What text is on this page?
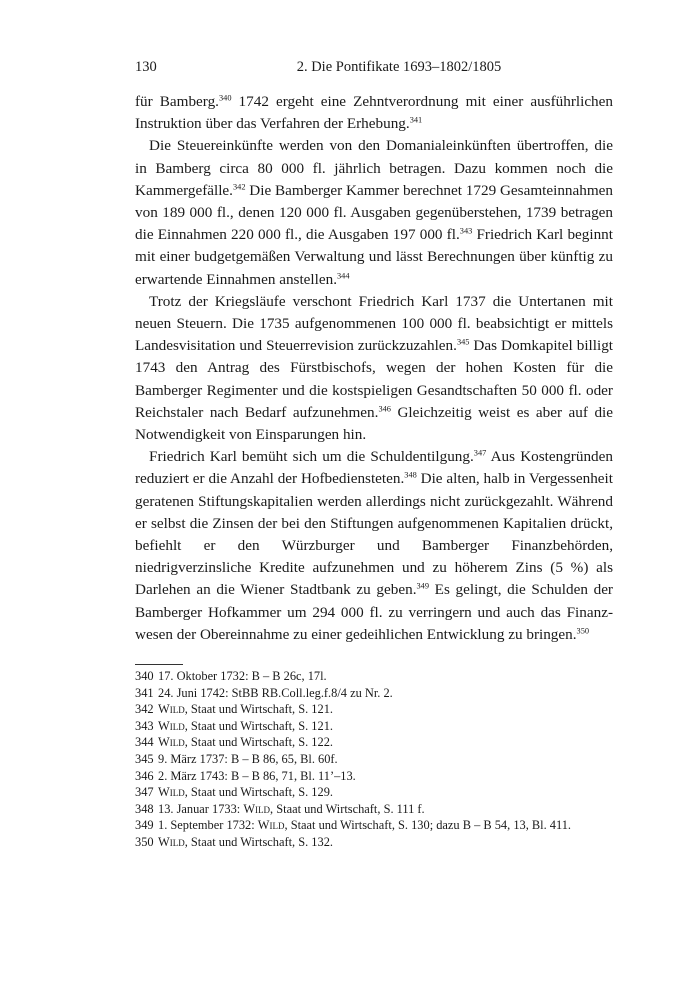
130	2. Die Pontifikate 1693–1802/1805

für Bamberg.$^{340}$ 1742 ergeht eine Zehntverordnung mit einer ausführlichen Instruktion über das Verfahren der Erhebung.$^{341}$

Die Steuereinkünfte werden von den Domanialeinkünften übertroffen, die in Bamberg circa 80 000 fl. jährlich betragen. Dazu kommen noch die Kammergefälle.$^{342}$ Die Bamberger Kammer berechnet 1729 Gesamteinnahmen von 189 000 fl., denen 120 000 fl. Ausgaben gegenüberstehen, 1739 betragen die Einnahmen 220 000 fl., die Ausgaben 197 000 fl.$^{343}$ Friedrich Karl beginnt mit einer budgetgemäßen Verwaltung und lässt Berechnungen über künftig zu erwartende Einnahmen anstellen.$^{344}$

Trotz der Kriegsläufe verschont Friedrich Karl 1737 die Untertanen mit neuen Steuern. Die 1735 aufgenommenen 100 000 fl. beabsichtigt er mittels Landesvisitation und Steuerrevision zurückzuzahlen.$^{345}$ Das Domkapitel billigt 1743 den Antrag des Fürstbischofs, wegen der hohen Kosten für die Bamberger Regimenter und die kostspieligen Gesandtschaften 50 000 fl. oder Reichstaler nach Bedarf aufzunehmen.$^{346}$ Gleichzeitig weist es aber auf die Notwendigkeit von Einsparungen hin.

Friedrich Karl bemüht sich um die Schuldentilgung.$^{347}$ Aus Kostengründen reduziert er die Anzahl der Hofbediensteten.$^{348}$ Die alten, halb in Vergessenheit geratenen Stiftungskapitalien werden allerdings nicht zurückgezahlt. Während er selbst die Zinsen der bei den Stiftungen aufgenommenen Kapitalien drückt, befiehlt er den Würzburger und Bamberger Finanzbehörden, niedrigverzinsliche Kredite aufzunehmen und zu höherem Zins (5 %) als Darlehen an die Wiener Stadtbank zu geben.$^{349}$ Es gelingt, die Schulden der Bamberger Hofkammer um 294 000 fl. zu verringern und auch das Finanzwesen der Obereinnahme zu einer gedeihlichen Entwicklung zu bringen.$^{350}$

340 17. Oktober 1732: B – B 26c, 17l.
341 24. Juni 1742: StBB RB.Coll.leg.f.8/4 zu Nr. 2.
342 Wild, Staat und Wirtschaft, S. 121.
343 Wild, Staat und Wirtschaft, S. 121.
344 Wild, Staat und Wirtschaft, S. 122.
345 9. März 1737: B – B 86, 65, Bl. 60f.
346 2. März 1743: B – B 86, 71, Bl. 11’–13.
347 Wild, Staat und Wirtschaft, S. 129.
348 13. Januar 1733: Wild, Staat und Wirtschaft, S. 111 f.
349 1. September 1732: Wild, Staat und Wirtschaft, S. 130; dazu B – B 54, 13, Bl. 411.
350 Wild, Staat und Wirtschaft, S. 132.
